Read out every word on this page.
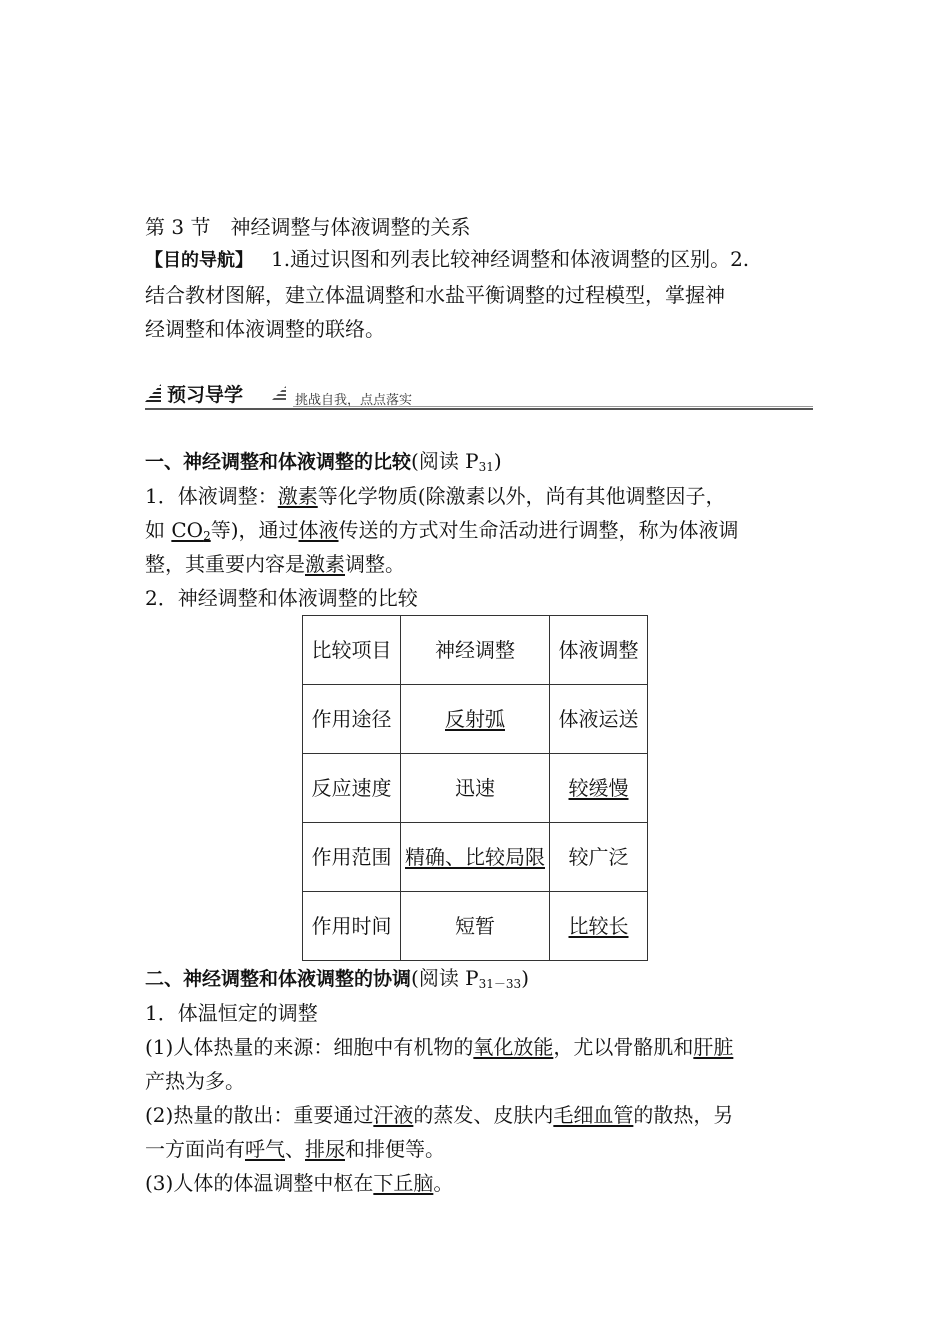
第 3 节　神经调整与体液调整的关系
【目的导航】 1.通过识图和列表比较神经调整和体液调整的区别。2.
结合教材图解，建立体温调整和水盐平衡调整的过程模型，掌握神
经调整和体液调整的联络。
预习导学	挑战自我，点点落实
一、神经调整和体液调整的比较(阅读 $P_{31}$)
1．体液调整：激素等化学物质(除激素以外，尚有其他调整因子，
如 $CO_2$等)，通过体液传送的方式对生命活动进行调整，称为体液调
整，其重要内容是激素调整。
2．神经调整和体液调整的比较
比较项目	神经调整	体液调整
作用途径	反射弧	体液运送
反应速度	迅速	较缓慢
作用范围	精确、比较局限	较广泛
作用时间	短暂	比较长
二、神经调整和体液调整的协调(阅读 $P_{31-33}$)
1．体温恒定的调整
(1)人体热量的来源：细胞中有机物的氧化放能，尤以骨骼肌和肝脏
产热为多。
(2)热量的散出：重要通过汗液的蒸发、皮肤内毛细血管的散热，另
一方面尚有呼气、排尿和排便等。
(3)人体的体温调整中枢在下丘脑。
